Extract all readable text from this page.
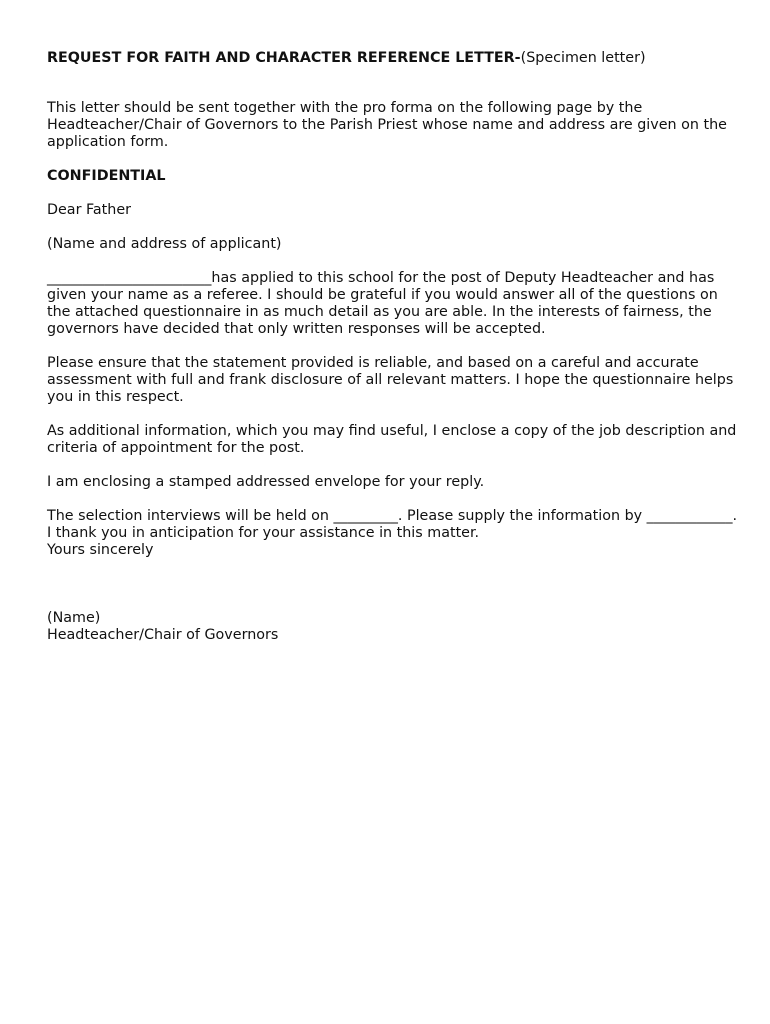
REQUEST FOR FAITH AND CHARACTER REFERENCE LETTER-(Specimen letter)

This letter should be sent together with the pro forma on the following page by the Headteacher/Chair of Governors to the Parish Priest whose name and address are given on the application form.

CONFIDENTIAL

Dear Father

(Name and address of applicant)

_______________________has applied to this school for the post of Deputy Headteacher and has given your name as a referee. I should be grateful if you would answer all of the questions on the attached questionnaire in as much detail as you are able. In the interests of fairness, the governors have decided that only written responses will be accepted.

Please ensure that the statement provided is reliable, and based on a careful and accurate assessment with full and frank disclosure of all relevant matters. I hope the questionnaire helps you in this respect.

As additional information, which you may find useful, I enclose a copy of the job description and criteria of appointment for the post.

I am enclosing a stamped addressed envelope for your reply.

The selection interviews will be held on _________. Please supply the information by ____________.

I thank you in anticipation for your assistance in this matter.

Yours sincerely

(Name)

Headteacher/Chair of Governors
